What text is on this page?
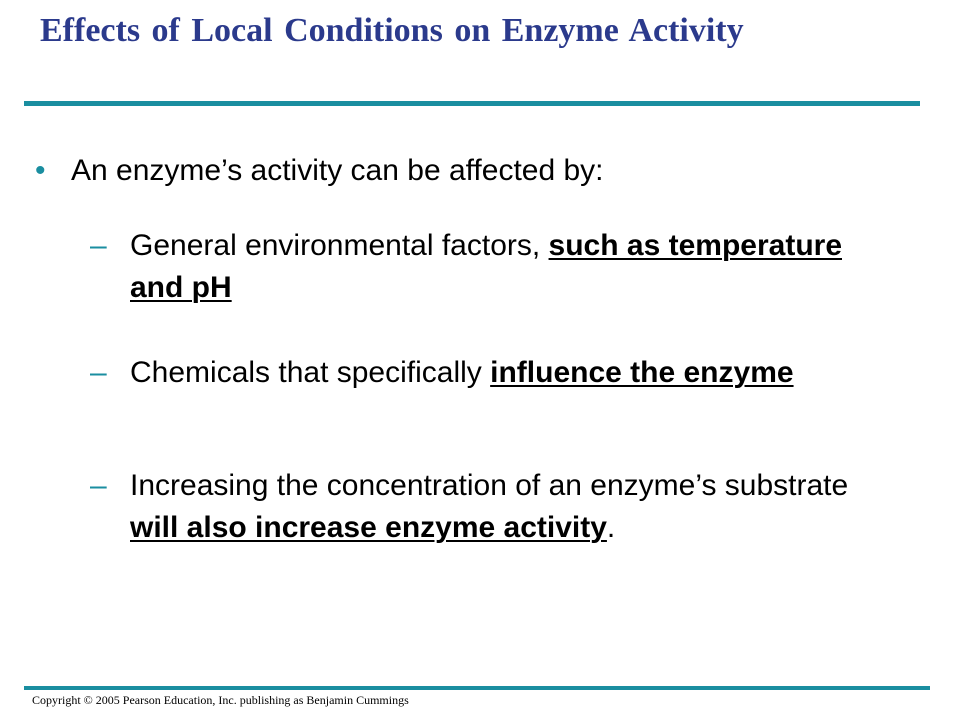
Effects of Local Conditions on Enzyme Activity
• An enzyme’s activity can be affected by:
– General environmental factors, such as temperature and pH
– Chemicals that specifically influence the enzyme
– Increasing the concentration of an enzyme’s substrate will also increase enzyme activity.
Copyright © 2005 Pearson Education, Inc. publishing as Benjamin Cummings
